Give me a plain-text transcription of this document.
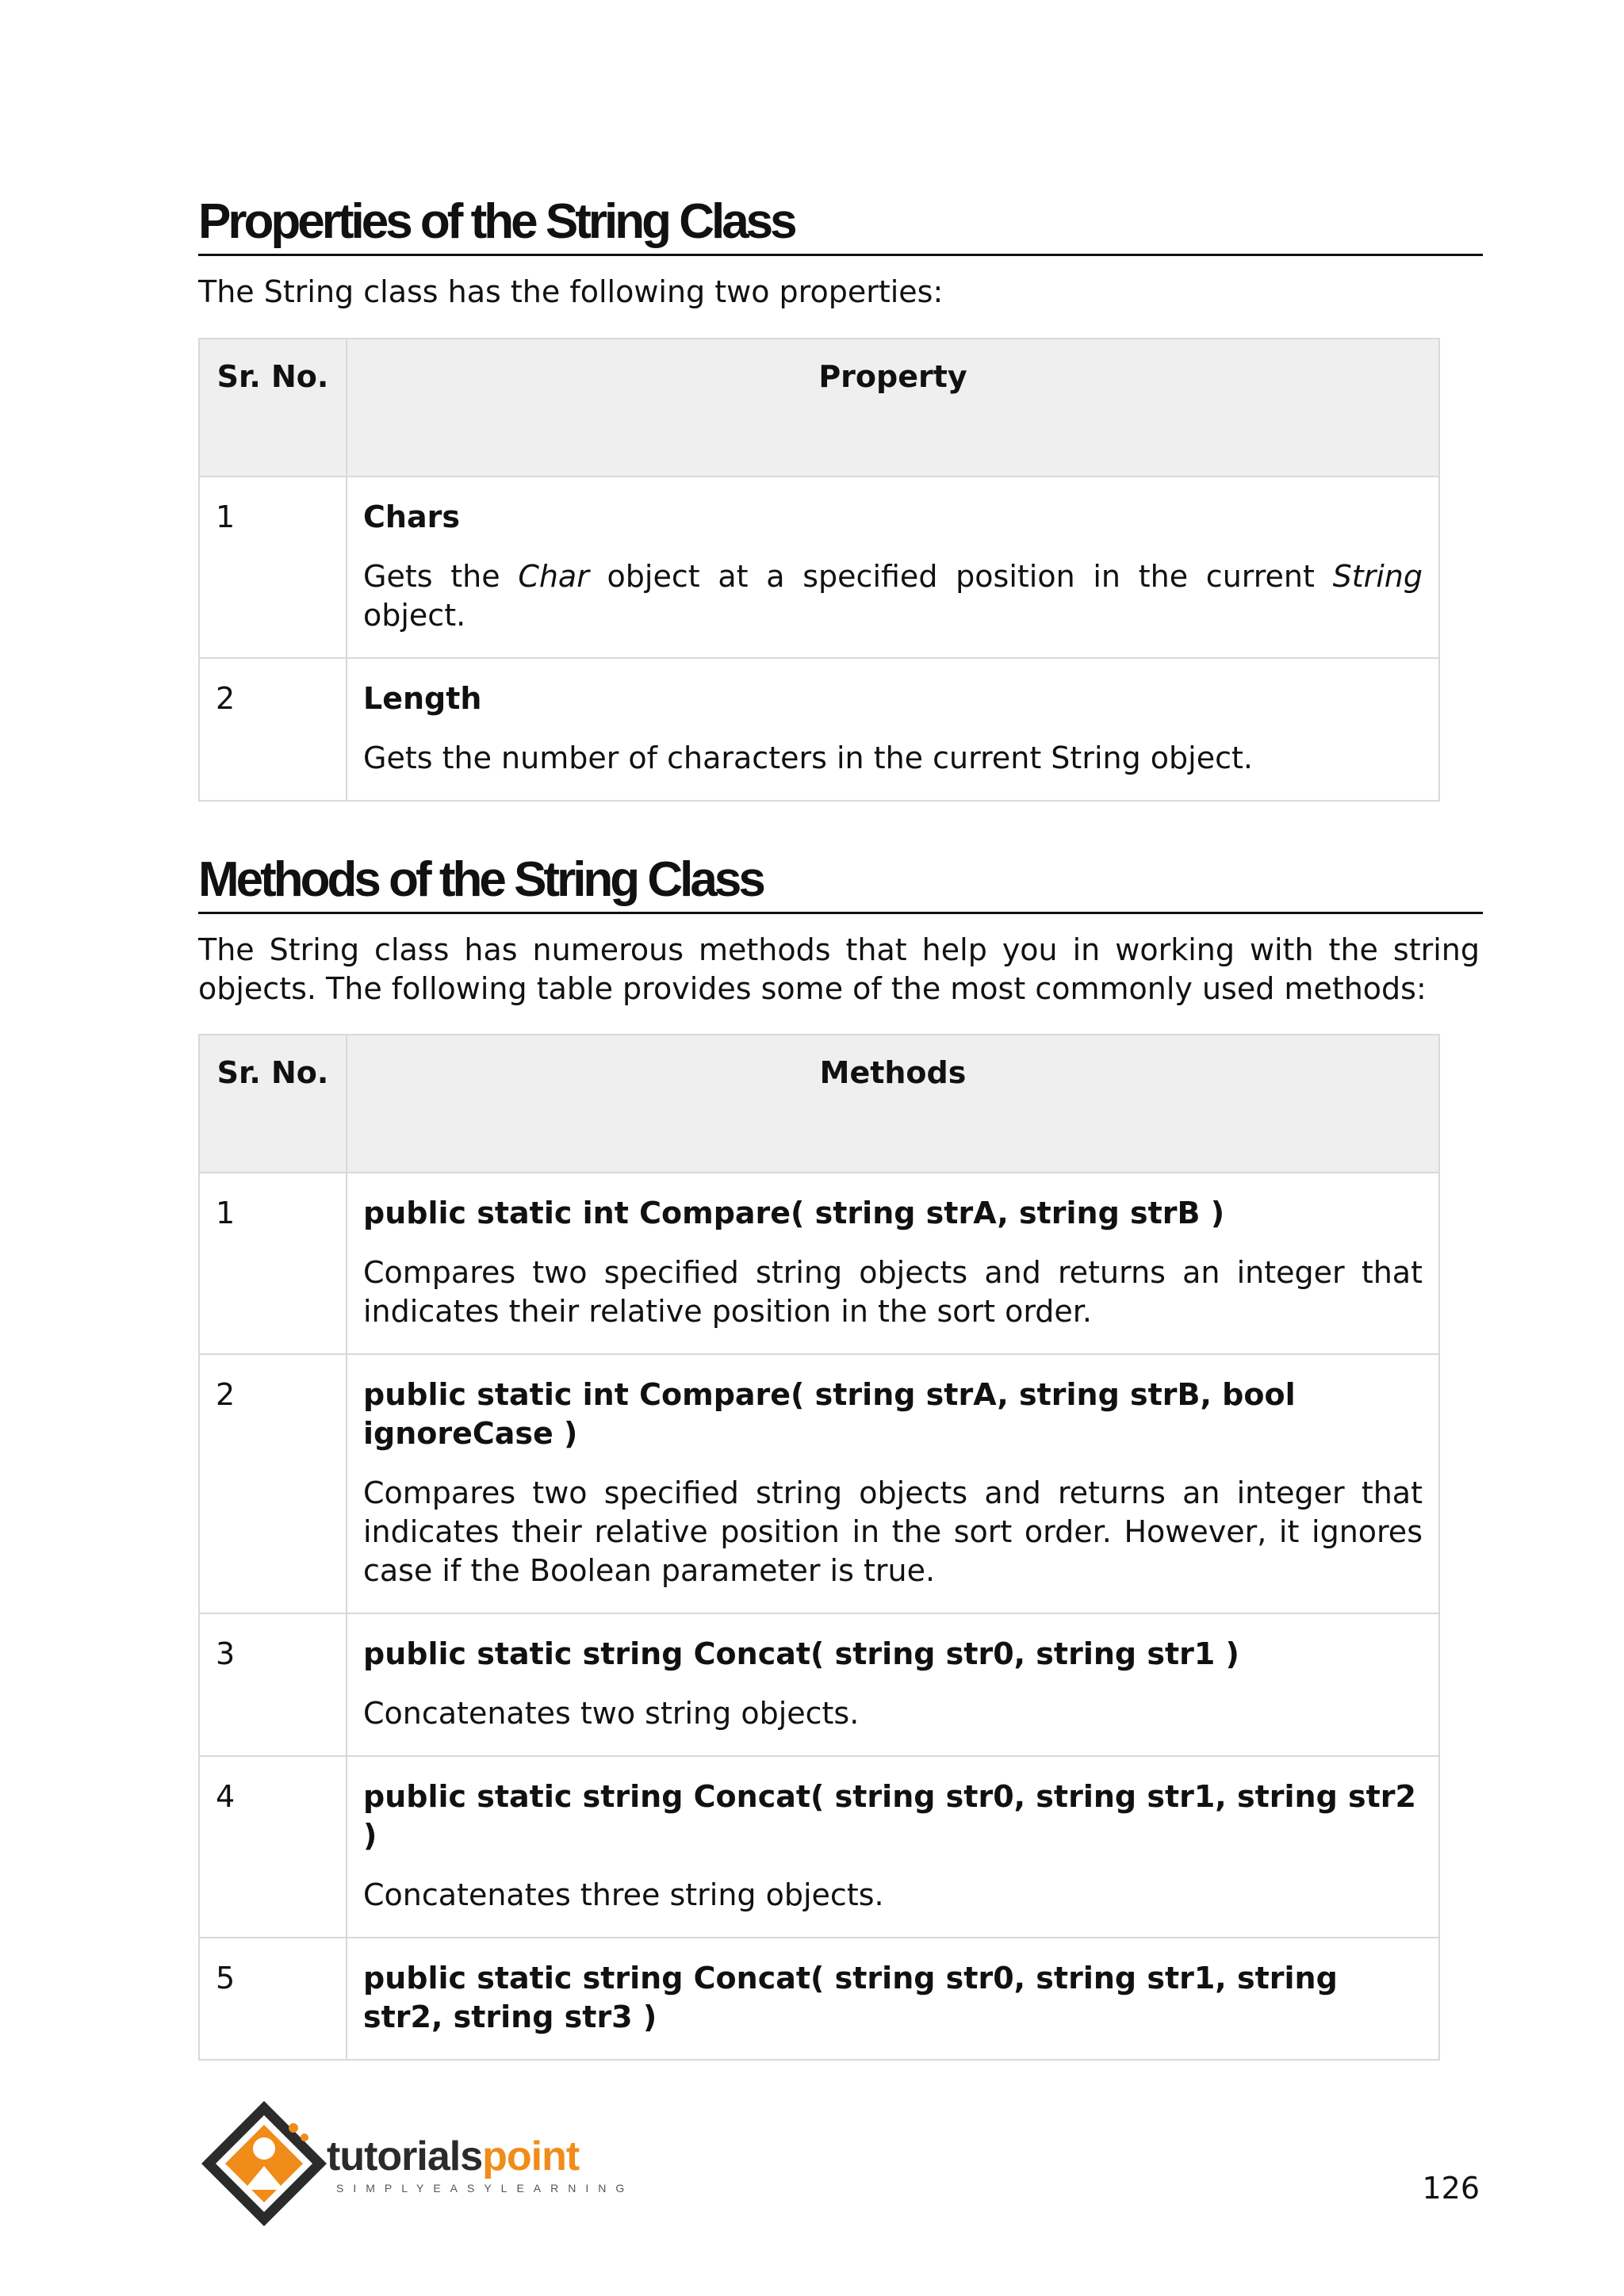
Properties of the String Class

The String class has the following two properties:

Sr. No.	Property
1	Chars

Gets the Char object at a specified position in the current String object.

2	Length

Gets the number of characters in the current String object.

Methods of the String Class

The String class has numerous methods that help you in working with the string objects. The following table provides some of the most commonly used methods:

Sr. No.	Methods
1	public static int Compare( string strA, string strB )

Compares two specified string objects and returns an integer that indicates their relative position in the sort order.

2	public static int Compare( string strA, string strB, bool ignoreCase )

Compares two specified string objects and returns an integer that indicates their relative position in the sort order. However, it ignores case if the Boolean parameter is true.

3	public static string Concat( string str0, string str1 )

Concatenates two string objects.

4	public static string Concat( string str0, string str1, string str2 )

Concatenates three string objects.

5	public static string Concat( string str0, string str1, string str2, string str3 )

tutorialspoint
SIMPLYEASYLEARNING	126
